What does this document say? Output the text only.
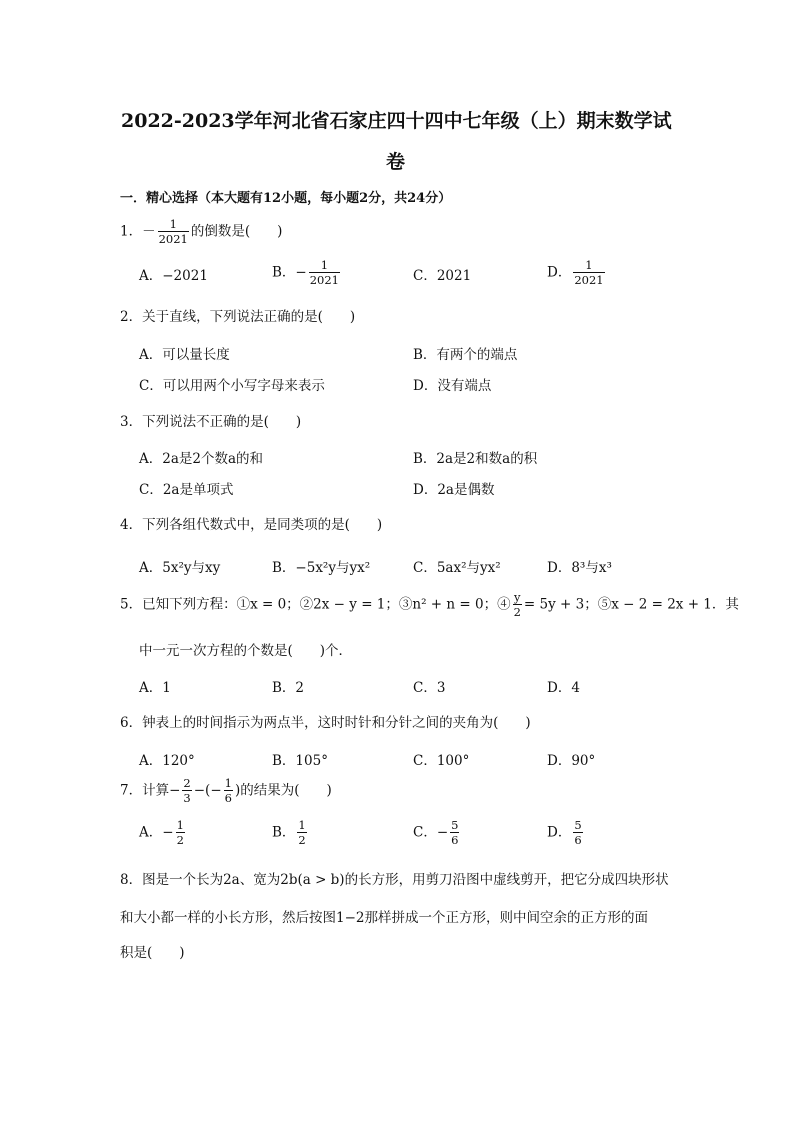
2022-2023学年河北省石家庄四十四中七年级（上）期末数学试
卷
一．精心选择（本大题有12小题，每小题2分，共24分）
1．－ $\frac{1}{2021}$ 的倒数是(　　)
A．−2021	B．− $\frac{1}{2021}$	C．2021	D． $\frac{1}{2021}$
2．关于直线，下列说法正确的是(　　)
A．可以量长度	B．有两个的端点
C．可以用两个小写字母来表示	D．没有端点
3．下列说法不正确的是(　　)
A．2a是2个数a的和	B．2a是2和数a的积
C．2a是单项式	D．2a是偶数
4．下列各组代数式中，是同类项的是(　　)
A．5x²y与xy	B．−5x²y与yx²	C．5ax²与yx²	D．8³与x³
5．已知下列方程：①x = 0；②2x − y = 1；③n² + n = 0；④ $\frac{y}{2} = 5y + 3$；⑤x − 2 = 2x + 1．其
中一元一次方程的个数是(　　)个．
A．1	B．2	C．3	D．4
6．钟表上的时间指示为两点半，这时时针和分针之间的夹角为(　　)
A．120°	B．105°	C．100°	D．90°
7．计算− $\frac{2}{3}$ −(− $\frac{1}{6}$ )的结果为(　　)
A．− $\frac{1}{2}$	B． $\frac{1}{2}$	C．− $\frac{5}{6}$	D． $\frac{5}{6}$
8．图是一个长为2a、宽为2b(a > b)的长方形，用剪刀沿图中虚线剪开，把它分成四块形状
和大小都一样的小长方形，然后按图1−2那样拼成一个正方形，则中间空余的正方形的面
积是(　　)
